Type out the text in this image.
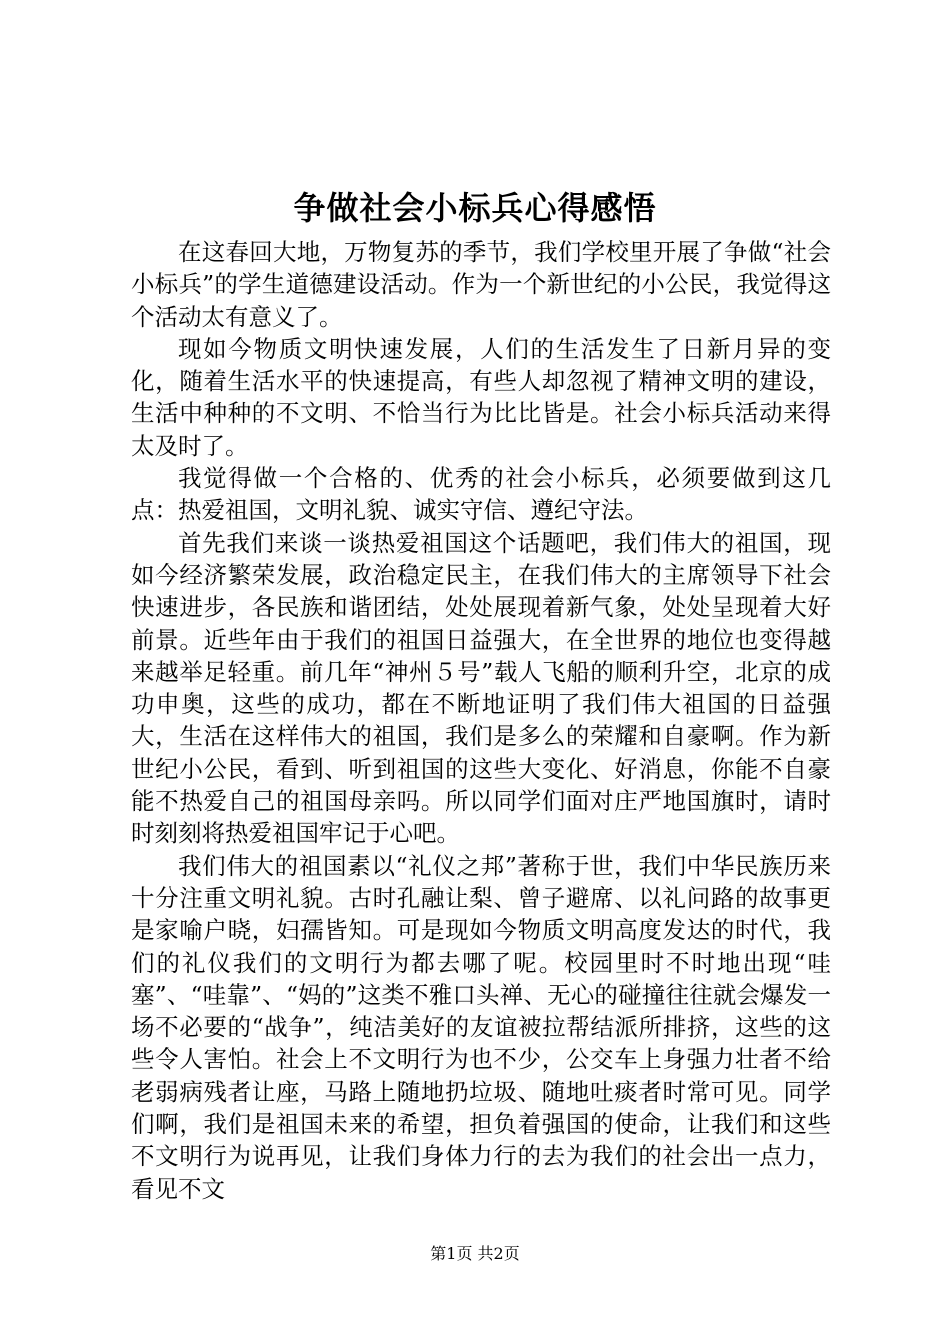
争做社会小标兵心得感悟

在这春回大地，万物复苏的季节，我们学校里开展了争做“社会小标兵”的学生道德建设活动。作为一个新世纪的小公民，我觉得这个活动太有意义了。

现如今物质文明快速发展，人们的生活发生了日新月异的变化，随着生活水平的快速提高，有些人却忽视了精神文明的建设，生活中种种的不文明、不恰当行为比比皆是。社会小标兵活动来得太及时了。

我觉得做一个合格的、优秀的社会小标兵，必须要做到这几点：热爱祖国，文明礼貌、诚实守信、遵纪守法。

首先我们来谈一谈热爱祖国这个话题吧，我们伟大的祖国，现如今经济繁荣发展，政治稳定民主，在我们伟大的主席领导下社会快速进步，各民族和谐团结，处处展现着新气象，处处呈现着大好前景。近些年由于我们的祖国日益强大，在全世界的地位也变得越来越举足轻重。前几年“神州５号”载人飞船的顺利升空，北京的成功申奥，这些的成功，都在不断地证明了我们伟大祖国的日益强大，生活在这样伟大的祖国，我们是多么的荣耀和自豪啊。作为新世纪小公民，看到、听到祖国的这些大变化、好消息，你能不自豪能不热爱自己的祖国母亲吗。所以同学们面对庄严地国旗时，请时时刻刻将热爱祖国牢记于心吧。

我们伟大的祖国素以“礼仪之邦”著称于世，我们中华民族历来十分注重文明礼貌。古时孔融让梨、曾子避席、以礼问路的故事更是家喻户晓，妇孺皆知。可是现如今物质文明高度发达的时代，我们的礼仪我们的文明行为都去哪了呢。校园里时不时地出现“哇塞”、“哇靠”、“妈的”这类不雅口头禅、无心的碰撞往往就会爆发一场不必要的“战争”，纯洁美好的友谊被拉帮结派所排挤，这些的这些令人害怕。社会上不文明行为也不少，公交车上身强力壮者不给老弱病残者让座，马路上随地扔垃圾、随地吐痰者时常可见。同学们啊，我们是祖国未来的希望，担负着强国的使命，让我们和这些不文明行为说再见，让我们身体力行的去为我们的社会出一点力，看见不文

第1页 共2页
